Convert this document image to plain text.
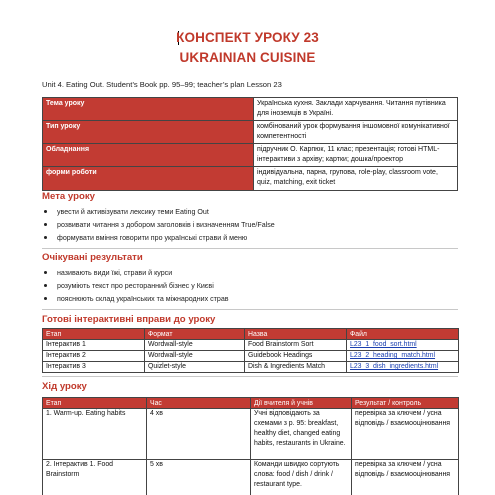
КОНСПЕКТ УРОКУ 23
UKRAINIAN CUISINE
Unit 4. Eating Out. Student’s Book pp. 95–99; teacher’s plan Lesson 23
Тема уроку	Українська кухня. Заклади харчування. Читання путівника для іноземців в Україні.
Тип уроку	комбінований урок формування іншомовної комунікативної компетентності
Обладнання	підручник О. Карпюк, 11 клас; презентація; готові HTML-інтерактиви з архіву; картки; дошка/проектор
форми роботи	індивідуальна, парна, групова, role-play, classroom vote, quiz, matching, exit ticket
Мета уроку
увести й активізувати лексику теми Eating Out
розвивати читання з добором заголовків і визначенням True/False
формувати вміння говорити про українські страви й меню
Очікувані результати
називають види їжі, страви й курси
розуміють текст про ресторанний бізнес у Києві
пояснюють склад українських та міжнародних страв
Готові інтерактивні вправи до уроку
Етап	Формат	Назва	Файл
Інтерактив 1	Wordwall-style	Food Brainstorm Sort	L23_1_food_sort.html
Інтерактив 2	Wordwall-style	Guidebook Headings	L23_2_heading_match.html
Інтерактив 3	Quizlet-style	Dish & Ingredients Match	L23_3_dish_ingredients.html
Хід уроку
Етап	Час	Дії вчителя й учнів	Результат / контроль
1. Warm-up. Eating habits	4 хв	Учні відповідають за схемами з р. 95: breakfast, healthy diet, changed eating habits, restaurants in Ukraine.	перевірка за ключем / усна відповідь / взаємооцінювання
2. Інтерактив 1. Food Brainstorm	5 хв	Команди швидко сортують слова: food / dish / drink / restaurant type.	перевірка за ключем / усна відповідь / взаємооцінювання
